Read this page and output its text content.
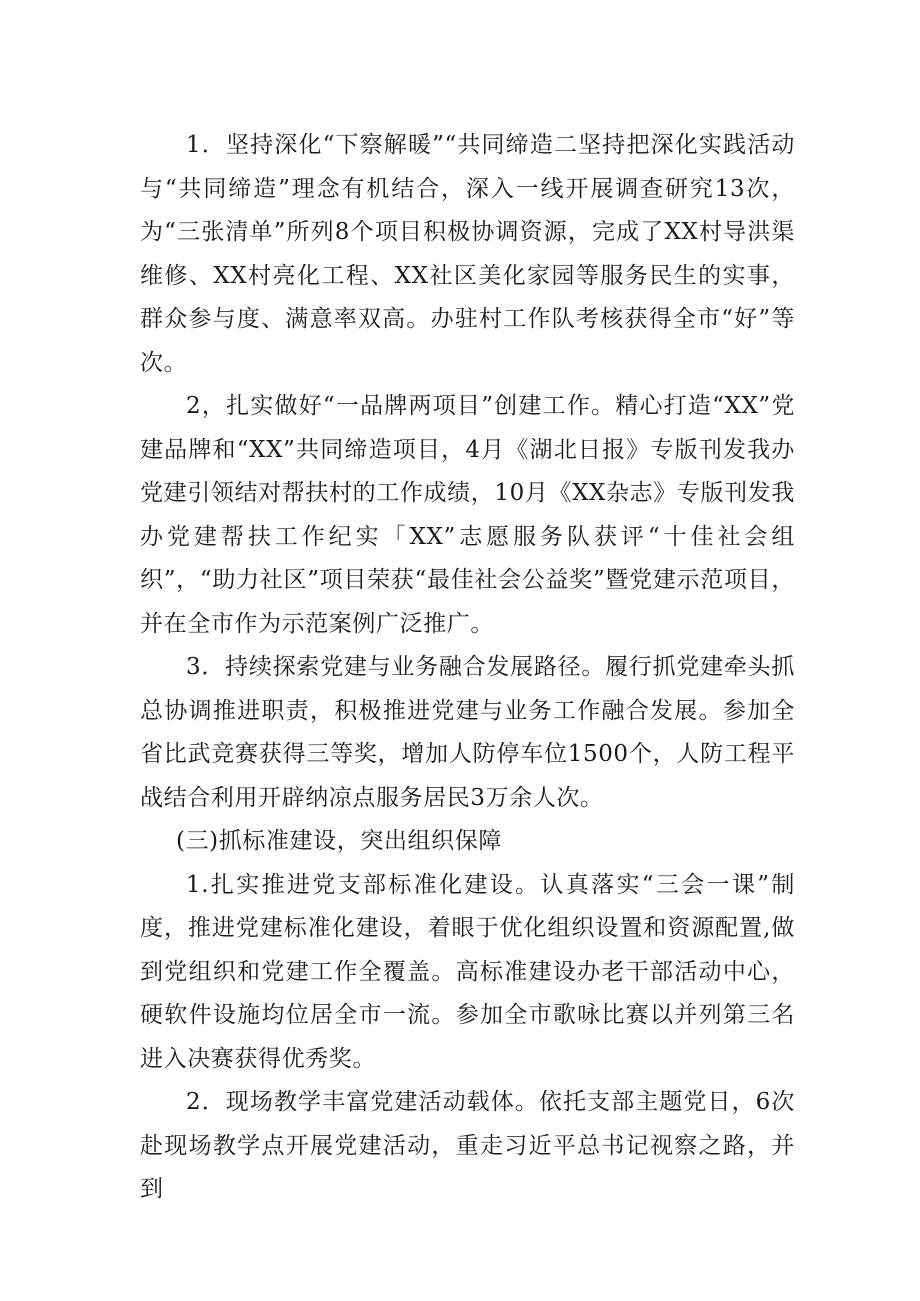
1．坚持深化“下察解暖”“共同缔造二坚持把深化实践活动与“共同缔造”理念有机结合，深入一线开展调查研究13次，为“三张清单”所列8个项目积极协调资源，完成了XX村导洪渠维修、XX村亮化工程、XX社区美化家园等服务民生的实事，群众参与度、满意率双高。办驻村工作队考核获得全市“好”等次。

2，扎实做好“一品牌两项目”创建工作。精心打造“XX”党建品牌和“XX”共同缔造项目，4月《湖北日报》专版刊发我办党建引领结对帮扶村的工作成绩，10月《XX杂志》专版刊发我办党建帮扶工作纪实「XX”志愿服务队获评“十佳社会组织”，“助力社区”项目荣获“最佳社会公益奖”暨党建示范项目，并在全市作为示范案例广泛推广。

3．持续探索党建与业务融合发展路径。履行抓党建牵头抓总协调推进职责，积极推进党建与业务工作融合发展。参加全省比武竞赛获得三等奖，增加人防停车位1500个，人防工程平战结合利用开辟纳凉点服务居民3万余人次。

(三)抓标准建设，突出组织保障

1.扎实推进党支部标准化建设。认真落实“三会一课”制度，推进党建标准化建设，着眼于优化组织设置和资源配置,做到党组织和党建工作全覆盖。高标准建设办老干部活动中心，硬软件设施均位居全市一流。参加全市歌咏比赛以并列第三名进入决赛获得优秀奖。

2．现场教学丰富党建活动载体。依托支部主题党日，6次赴现场教学点开展党建活动，重走习近平总书记视察之路，并到
